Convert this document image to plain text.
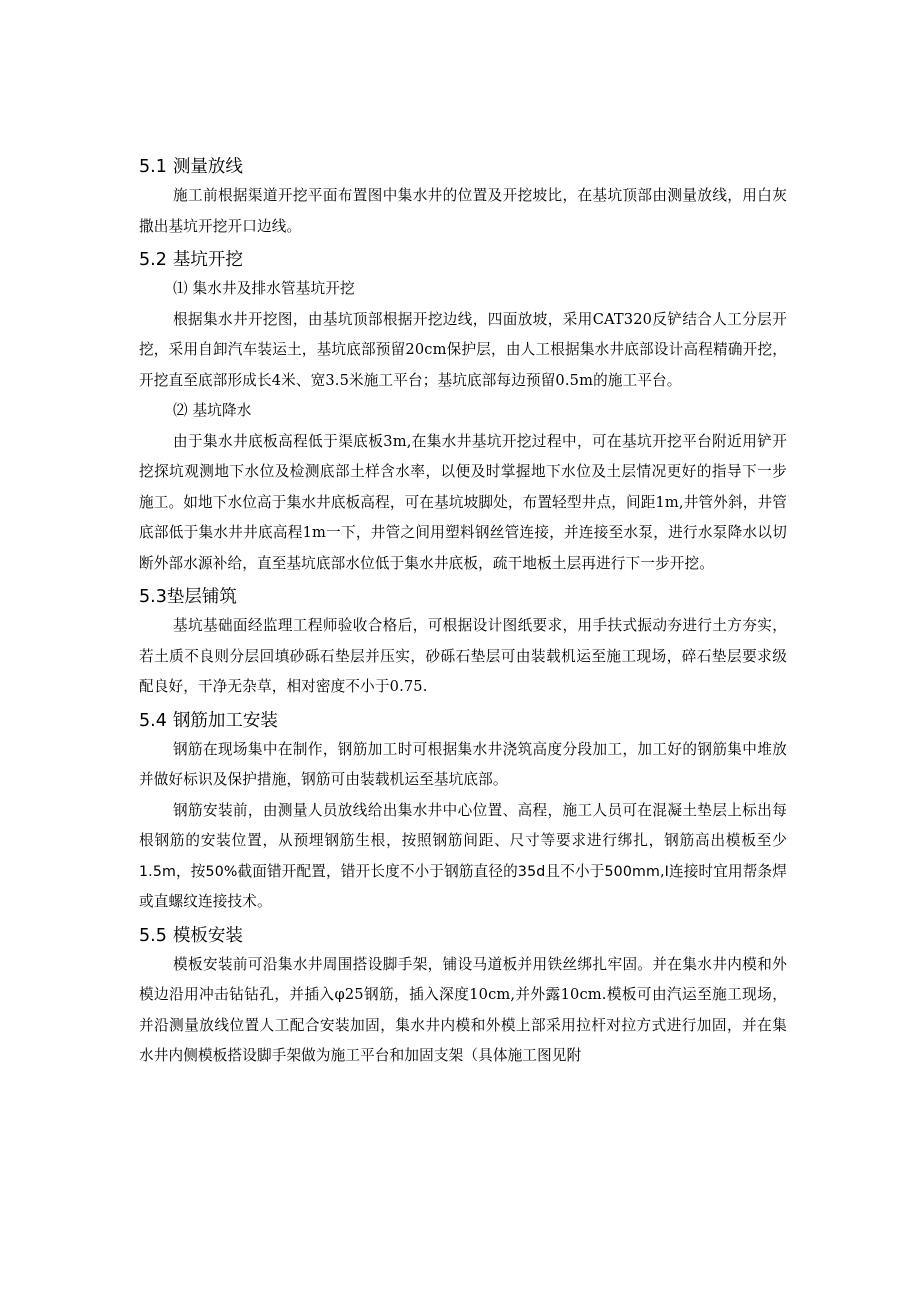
5.1 测量放线

施工前根据渠道开挖平面布置图中集水井的位置及开挖坡比，在基坑顶部由测量放线，用白灰撒出基坑开挖开口边线。

5.2 基坑开挖

⑴ 集水井及排水管基坑开挖

根据集水井开挖图，由基坑顶部根据开挖边线，四面放坡，采用CAT320反铲结合人工分层开挖，采用自卸汽车装运土，基坑底部预留20cm保护层，由人工根据集水井底部设计高程精确开挖，开挖直至底部形成长4米、宽3.5米施工平台；基坑底部每边预留0.5m的施工平台。

⑵ 基坑降水

由于集水井底板高程低于渠底板3m,在集水井基坑开挖过程中，可在基坑开挖平台附近用铲开挖探坑观测地下水位及检测底部土样含水率，以便及时掌握地下水位及土层情况更好的指导下一步施工。如地下水位高于集水井底板高程，可在基坑坡脚处，布置轻型井点，间距1m,井管外斜，井管底部低于集水井井底高程1m一下，井管之间用塑料钢丝管连接，并连接至水泵，进行水泵降水以切断外部水源补给，直至基坑底部水位低于集水井底板，疏干地板土层再进行下一步开挖。

5.3垫层铺筑

基坑基础面经监理工程师验收合格后，可根据设计图纸要求，用手扶式振动夯进行土方夯实，若土质不良则分层回填砂砾石垫层并压实，砂砾石垫层可由装载机运至施工现场，碎石垫层要求级配良好，干净无杂草，相对密度不小于0.75.

5.4 钢筋加工安装

钢筋在现场集中在制作，钢筋加工时可根据集水井浇筑高度分段加工，加工好的钢筋集中堆放并做好标识及保护措施，钢筋可由装载机运至基坑底部。

钢筋安装前，由测量人员放线给出集水井中心位置、高程，施工人员可在混凝土垫层上标出每根钢筋的安装位置，从预埋钢筋生根，按照钢筋间距、尺寸等要求进行绑扎，钢筋高出模板至少1.5m，按50%截面错开配置，错开长度不小于钢筋直径的35d且不小于500mm,I连接时宜用帮条焊或直螺纹连接技术。

5.5 模板安装

模板安装前可沿集水井周围搭设脚手架，铺设马道板并用铁丝绑扎牢固。并在集水井内模和外模边沿用冲击钻钻孔，并插入φ25钢筋，插入深度10cm,并外露10cm.模板可由汽运至施工现场，并沿测量放线位置人工配合安装加固，集水井内模和外模上部采用拉杆对拉方式进行加固，并在集水井内侧模板搭设脚手架做为施工平台和加固支架（具体施工图见附
